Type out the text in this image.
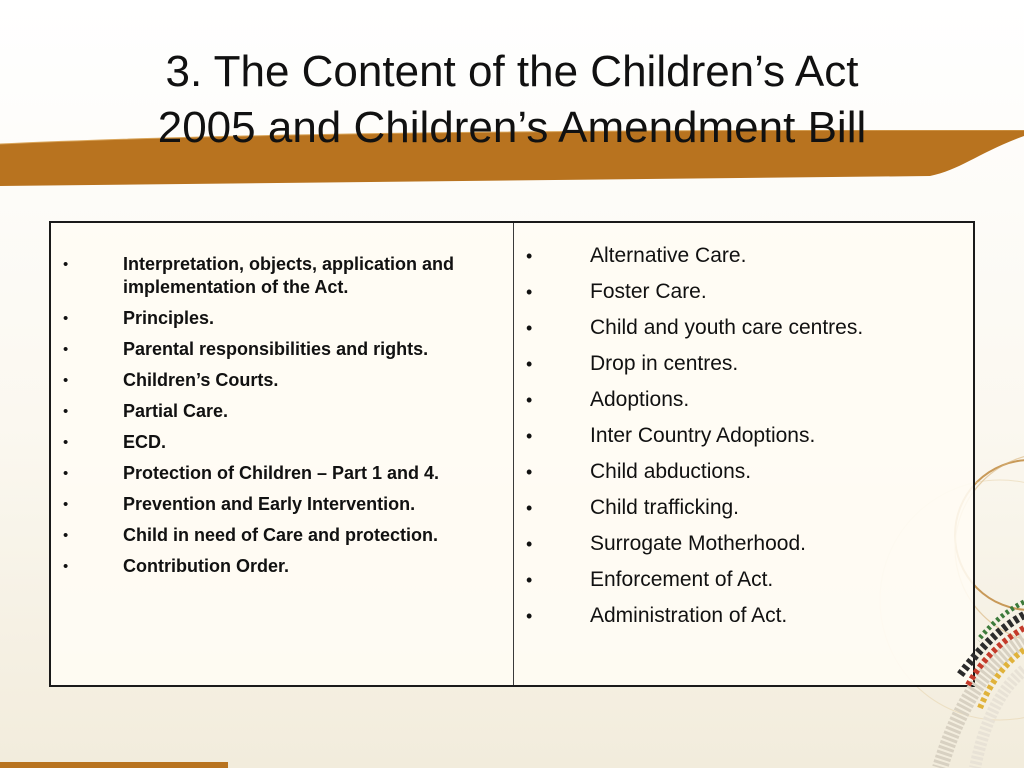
3. The Content of the Children’s Act
2005 and Children’s Amendment Bill
•	Interpretation, objects, application and implementation of the Act.
•	Principles.
•	Parental responsibilities and rights.
•	Children’s Courts.
•	Partial Care.
•	ECD.
•	Protection of Children – Part 1 and 4.
•	Prevention and Early Intervention.
•	Child in need of Care and protection.
•	Contribution Order.
•	Alternative Care.
•	Foster Care.
•	Child and youth care centres.
•	Drop in centres.
•	Adoptions.
•	Inter Country Adoptions.
•	Child abductions.
•	Child trafficking.
•	Surrogate Motherhood.
•	Enforcement of Act.
•	Administration of Act.
